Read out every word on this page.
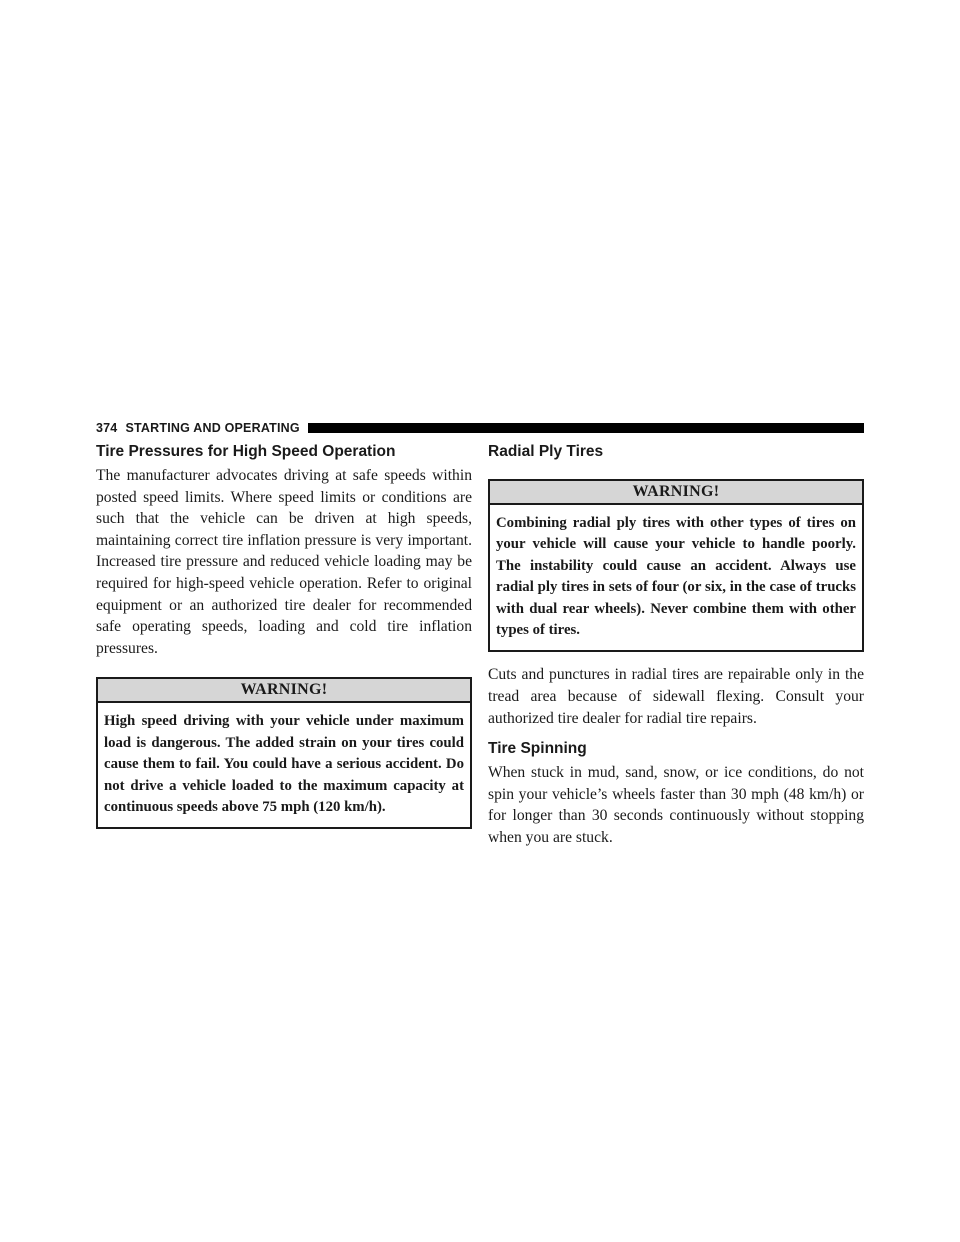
374 STARTING AND OPERATING
Tire Pressures for High Speed Operation

The manufacturer advocates driving at safe speeds within posted speed limits. Where speed limits or conditions are such that the vehicle can be driven at high speeds, maintaining correct tire inflation pressure is very important. Increased tire pressure and reduced vehicle loading may be required for high-speed vehicle operation. Refer to original equipment or an authorized tire dealer for recommended safe operating speeds, loading and cold tire inflation pressures.

WARNING!
High speed driving with your vehicle under maximum load is dangerous. The added strain on your tires could cause them to fail. You could have a serious accident. Do not drive a vehicle loaded to the maximum capacity at continuous speeds above 75 mph (120 km/h).
Radial Ply Tires
WARNING!
Combining radial ply tires with other types of tires on your vehicle will cause your vehicle to handle poorly. The instability could cause an accident. Always use radial ply tires in sets of four (or six, in the case of trucks with dual rear wheels). Never combine them with other types of tires.

Cuts and punctures in radial tires are repairable only in the tread area because of sidewall flexing. Consult your authorized tire dealer for radial tire repairs.

Tire Spinning

When stuck in mud, sand, snow, or ice conditions, do not spin your vehicle’s wheels faster than 30 mph (48 km/h) or for longer than 30 seconds continuously without stopping when you are stuck.
